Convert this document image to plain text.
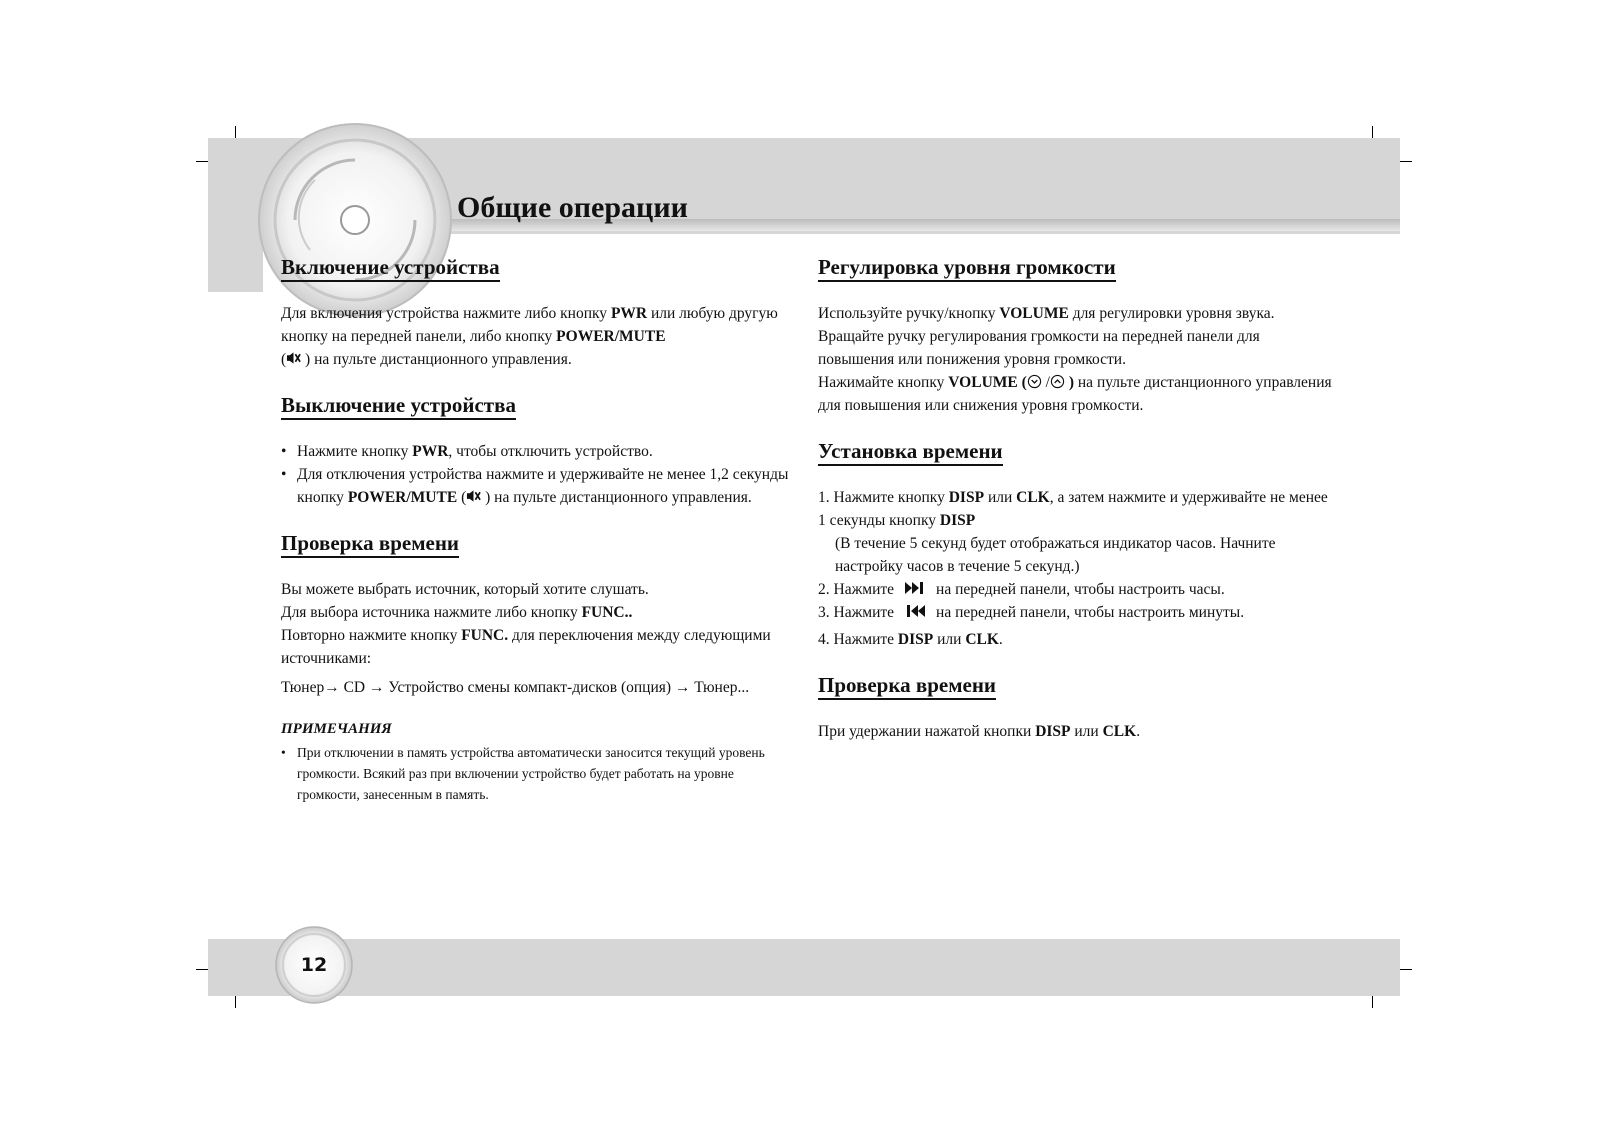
Общие операции
Включение устройства

Для включения устройства нажмите либо кнопку PWR или любую другую кнопку на передней панели, либо кнопку POWER/MUTE
( ) на пульте дистанционного управления.

Выключение устройства
• Нажмите кнопку PWR, чтобы отключить устройство.
• Для отключения устройства нажмите и удерживайте не менее 1,2 секунды кнопку POWER/MUTE ( ) на пульте дистанционного управления.
Проверка времени

Вы можете выбрать источник, который хотите слушать.

Для выбора источника нажмите либо кнопку FUNC..

Повторно нажмите кнопку FUNC. для переключения между следующими источниками:

Тюнер→ CD → Устройство смены компакт-дисков (опция) → Тюнер...

ПРИМЕЧАНИЯ
• При отключении в память устройства автоматически заносится текущий уровень громкости. Всякий раз при включении устройство будет работать на уровне громкости, занесенным в память.
Регулировка уровня громкости

Используйте ручку/кнопку VOLUME для регулировки уровня звука.

Вращайте ручку регулирования громкости на передней панели для повышения или понижения уровня громкости.

Нажимайте кнопку VOLUME ( / ) на пульте дистанционного управления для повышения или снижения уровня громкости.

Установка времени
1. Нажмите кнопку DISP или CLK, а затем нажмите и удерживайте не менее 1 секунды кнопку DISP
(В течение 5 секунд будет отображаться индикатор часов. Начните настройку часов в течение 5 секунд.)
2. Нажмите	на передней панели, чтобы настроить часы.
3. Нажмите	на передней панели, чтобы настроить минуты.
4. Нажмите DISP или CLK.
Проверка времени

При удержании нажатой кнопки DISP или CLK.

12
